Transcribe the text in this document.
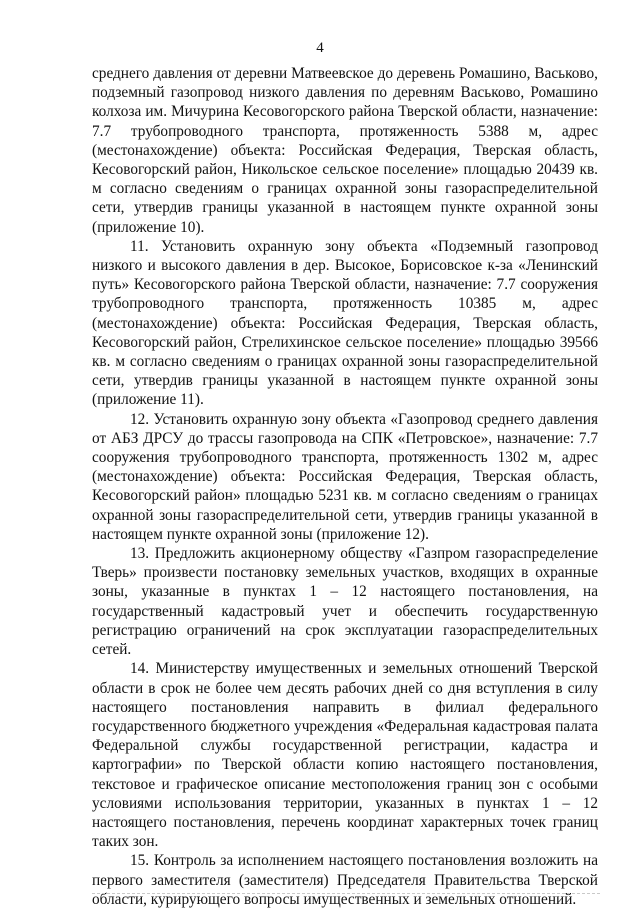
4

среднего давления от деревни Матвеевское до деревень Ромашино, Васьково, подземный газопровод низкого давления по деревням Васьково, Ромашино колхоза им. Мичурина Кесовогорского района Тверской области, назначение: 7.7 трубопроводного транспорта, протяженность 5388 м, адрес (местонахождение) объекта: Российская Федерация, Тверская область, Кесовогорский район, Никольское сельское поселение» площадью 20439 кв. м согласно сведениям о границах охранной зоны газораспределительной сети, утвердив границы указанной в настоящем пункте охранной зоны (приложение 10).

11. Установить охранную зону объекта «Подземный газопровод низкого и высокого давления в дер. Высокое, Борисовское к-за «Ленинский путь» Кесовогорского района Тверской области, назначение: 7.7 сооружения трубопроводного транспорта, протяженность 10385 м, адрес (местонахождение) объекта: Российская Федерация, Тверская область, Кесовогорский район, Стрелихинское сельское поселение» площадью 39566 кв. м согласно сведениям о границах охранной зоны газораспределительной сети, утвердив границы указанной в настоящем пункте охранной зоны (приложение 11).

12. Установить охранную зону объекта «Газопровод среднего давления от АБЗ ДРСУ до трассы газопровода на СПК «Петровское», назначение: 7.7 сооружения трубопроводного транспорта, протяженность 1302 м, адрес (местонахождение) объекта: Российская Федерация, Тверская область, Кесовогорский район» площадью 5231 кв. м согласно сведениям о границах охранной зоны газораспределительной сети, утвердив границы указанной в настоящем пункте охранной зоны (приложение 12).

13. Предложить акционерному обществу «Газпром газораспределение Тверь» произвести постановку земельных участков, входящих в охранные зоны, указанные в пунктах 1 – 12 настоящего постановления, на государственный кадастровый учет и обеспечить государственную регистрацию ограничений на срок эксплуатации газораспределительных сетей.

14. Министерству имущественных и земельных отношений Тверской области в срок не более чем десять рабочих дней со дня вступления в силу настоящего постановления направить в филиал федерального государственного бюджетного учреждения «Федеральная кадастровая палата Федеральной службы государственной регистрации, кадастра и картографии» по Тверской области копию настоящего постановления, текстовое и графическое описание местоположения границ зон с особыми условиями использования территории, указанных в пунктах 1 – 12 настоящего постановления, перечень координат характерных точек границ таких зон.

15. Контроль за исполнением настоящего постановления возложить на первого заместителя (заместителя) Председателя Правительства Тверской области, курирующего вопросы имущественных и земельных отношений.
